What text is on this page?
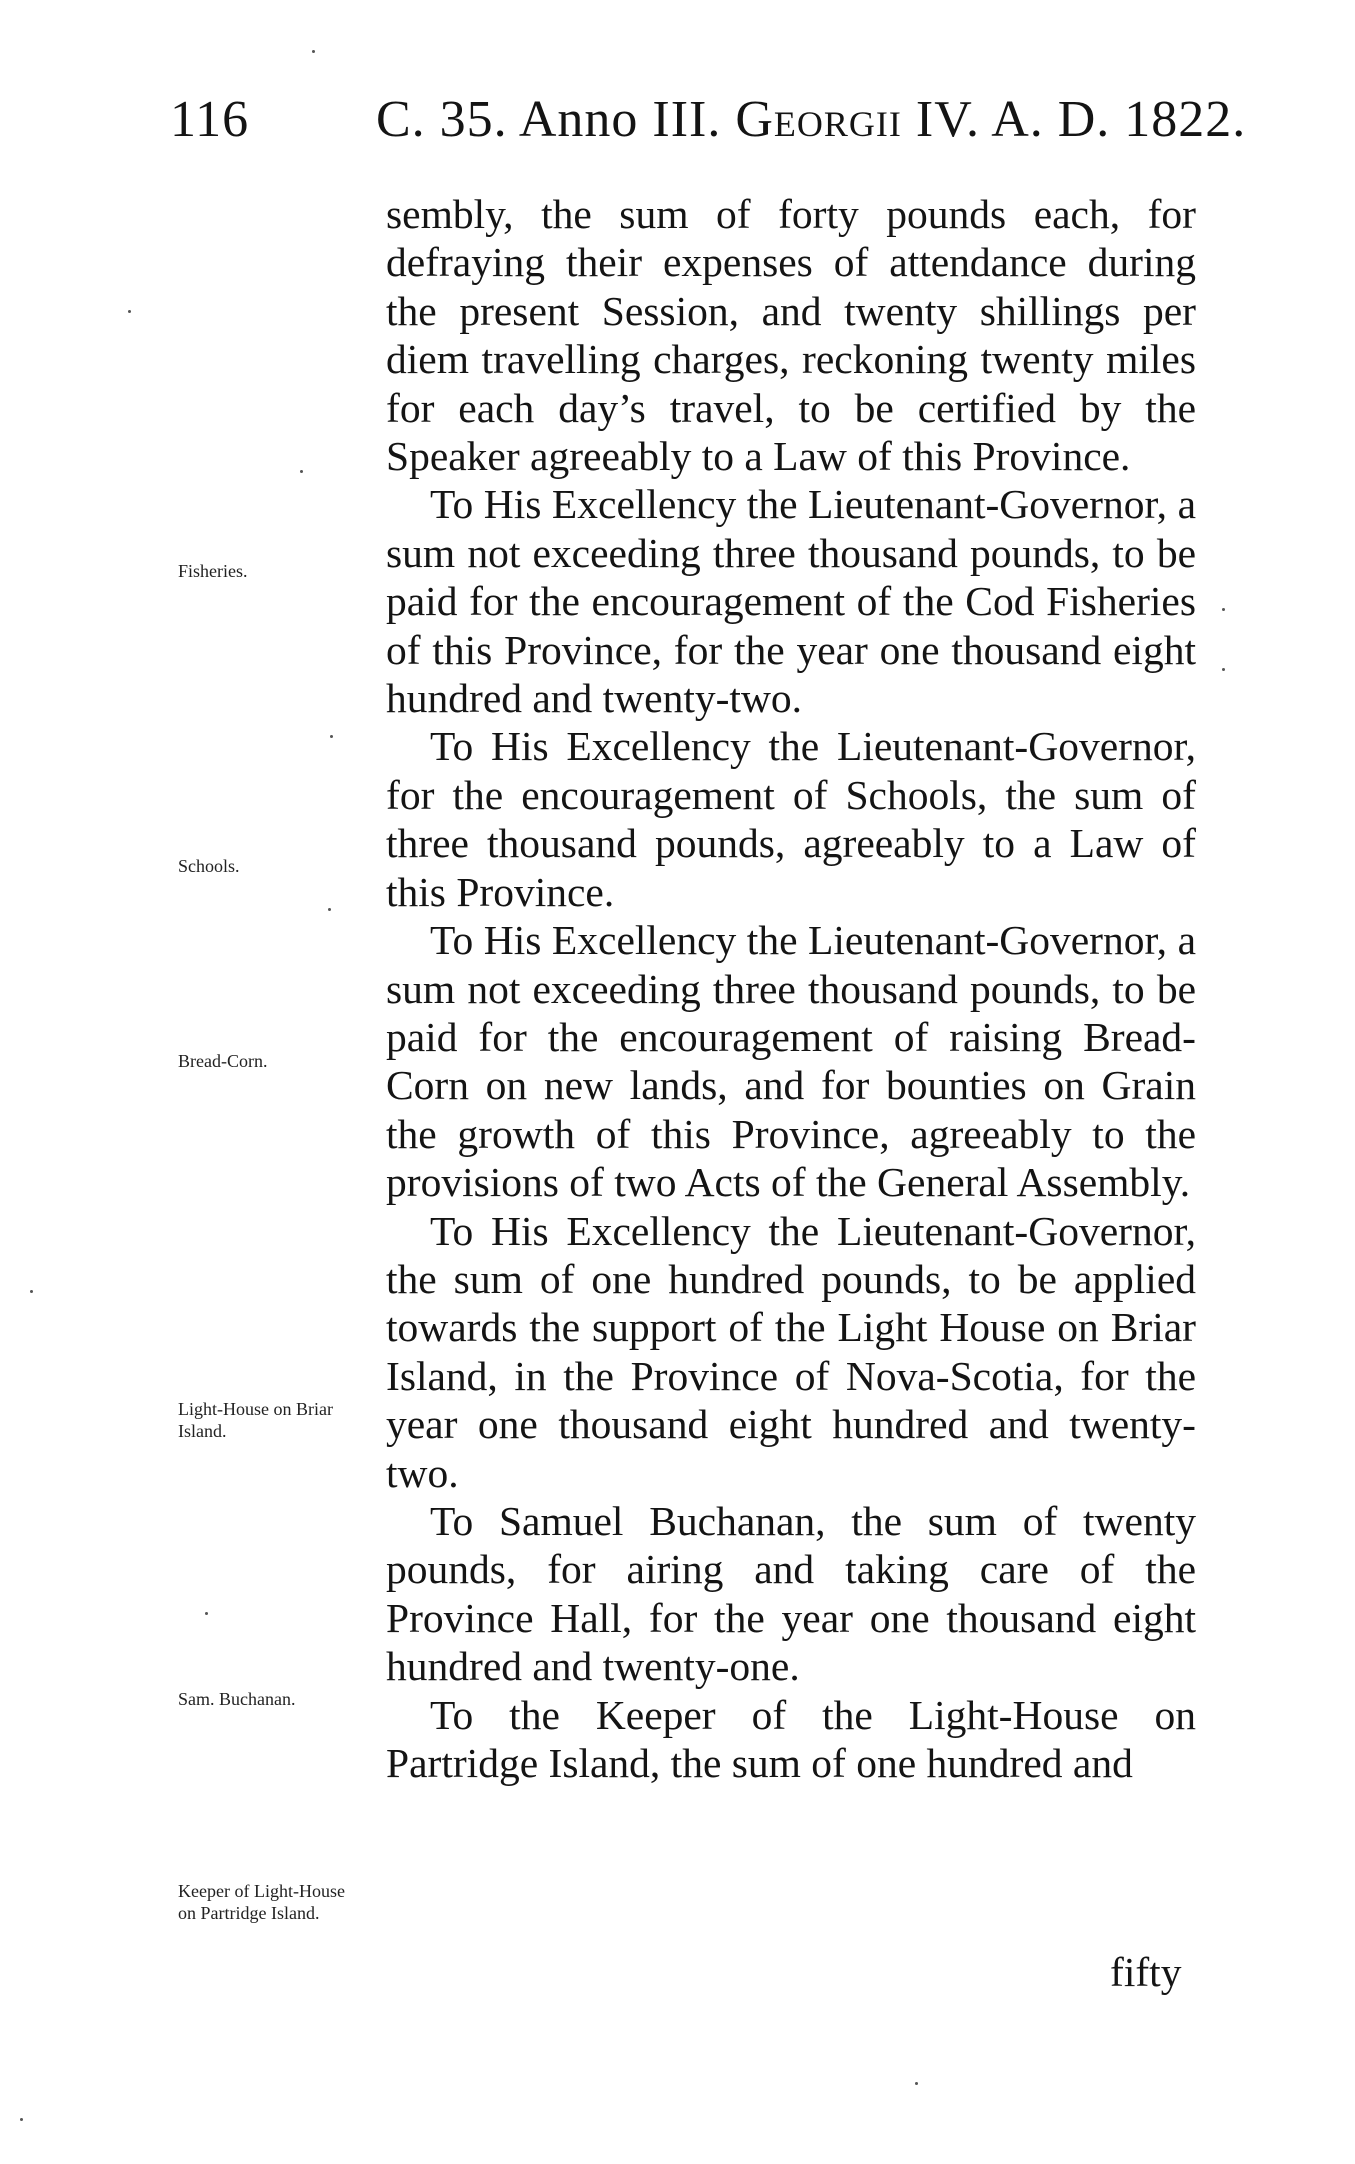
116 C. 35. Anno III. Georgii IV. A. D. 1822.

sembly, the sum of forty pounds each, for defraying their expenses of attendance during the present Session, and twenty shillings per diem travelling charges, reckoning twenty miles for each day’s travel, to be certified by the Speaker agreeably to a Law of this Province.

To His Excellency the Lieutenant-Governor, a sum not exceeding three thousand pounds, to be paid for the encouragement of the Cod Fisheries of this Province, for the year one thousand eight hundred and twenty-two.

To His Excellency the Lieutenant-Governor, for the encouragement of Schools, the sum of three thousand pounds, agreeably to a Law of this Province.

To His Excellency the Lieutenant-Governor, a sum not exceeding three thousand pounds, to be paid for the encouragement of raising Bread-Corn on new lands, and for bounties on Grain the growth of this Province, agreeably to the provisions of two Acts of the General Assembly.

To His Excellency the Lieutenant-Governor, the sum of one hundred pounds, to be applied towards the support of the Light House on Briar Island, in the Province of Nova-Scotia, for the year one thousand eight hundred and twenty-two.

To Samuel Buchanan, the sum of twenty pounds, for airing and taking care of the Province Hall, for the year one thousand eight hundred and twenty-one.

To the Keeper of the Light-House on Partridge Island, the sum of one hundred and

fifty
Fisheries.
Schools.
Bread-Corn.
Light-House on Briar Island.
Sam. Buchanan.
Keeper of Light-House on Partridge Island.
